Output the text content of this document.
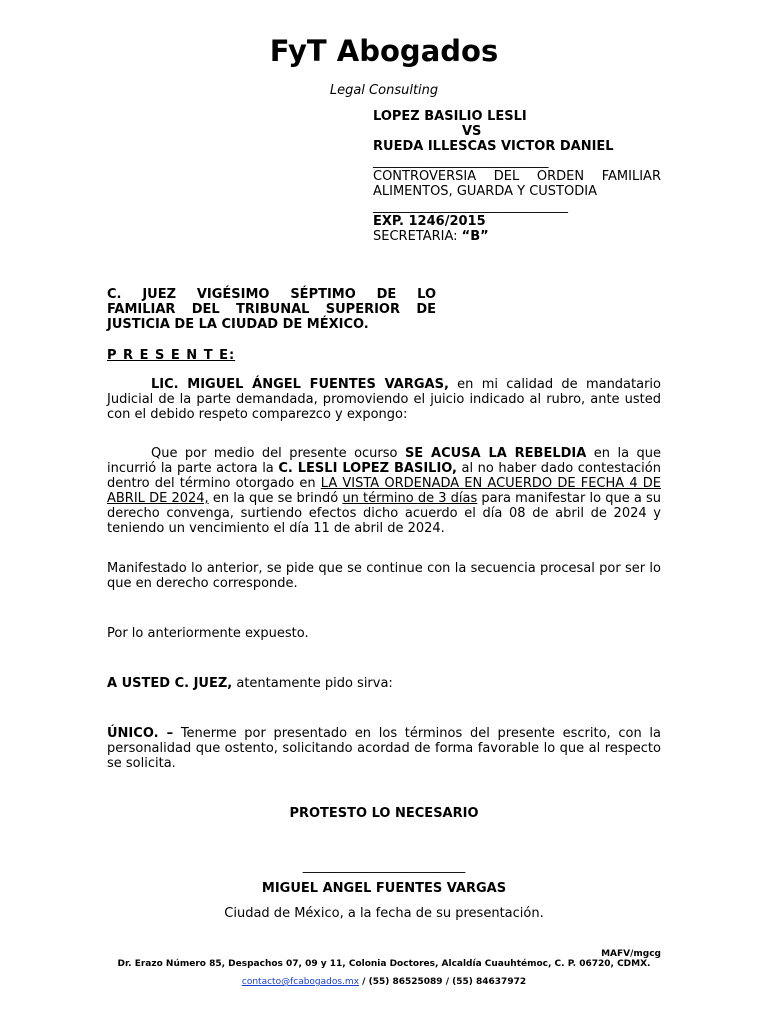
FyT Abogados
Legal Consulting
LOPEZ BASILIO LESLI
VS
RUEDA ILLESCAS VICTOR DANIEL
___________________________
CONTROVERSIA DEL ORDEN FAMILIAR
ALIMENTOS, GUARDA Y CUSTODIA
______________________________
EXP. 1246/2015
SECRETARIA: “B”
C. JUEZ VIGÉSIMO SÉPTIMO DE LO
FAMILIAR DEL TRIBUNAL SUPERIOR DE
JUSTICIA DE LA CIUDAD DE MÉXICO.
P R E S E N T E:
LIC. MIGUEL ÁNGEL FUENTES VARGAS, en mi calidad de mandatario Judicial de la parte demandada, promoviendo el juicio indicado al rubro, ante usted con el debido respeto comparezco y expongo:
Que por medio del presente ocurso SE ACUSA LA REBELDIA en la que incurrió la parte actora la C. LESLI LOPEZ BASILIO, al no haber dado contestación dentro del término otorgado en LA VISTA ORDENADA EN ACUERDO DE FECHA 4 DE ABRIL DE 2024, en la que se brindó un término de 3 días para manifestar lo que a su derecho convenga, surtiendo efectos dicho acuerdo el día 08 de abril de 2024 y teniendo un vencimiento el día 11 de abril de 2024.
Manifestado lo anterior, se pide que se continue con la secuencia procesal por ser lo que en derecho corresponde.
Por lo anteriormente expuesto.
A USTED C. JUEZ, atentamente pido sirva:
ÚNICO. – Tenerme por presentado en los términos del presente escrito, con la personalidad que ostento, solicitando acordad de forma favorable lo que al respecto se solicita.
PROTESTO LO NECESARIO
_________________________
MIGUEL ANGEL FUENTES VARGAS
Ciudad de México, a la fecha de su presentación.
MAFV/mgcg
Dr. Erazo Número 85, Despachos 07, 09 y 11, Colonia Doctores, Alcaldía Cuauhtémoc, C. P. 06720, CDMX.
contacto@fcabogados.mx / (55) 86525089 / (55) 84637972
